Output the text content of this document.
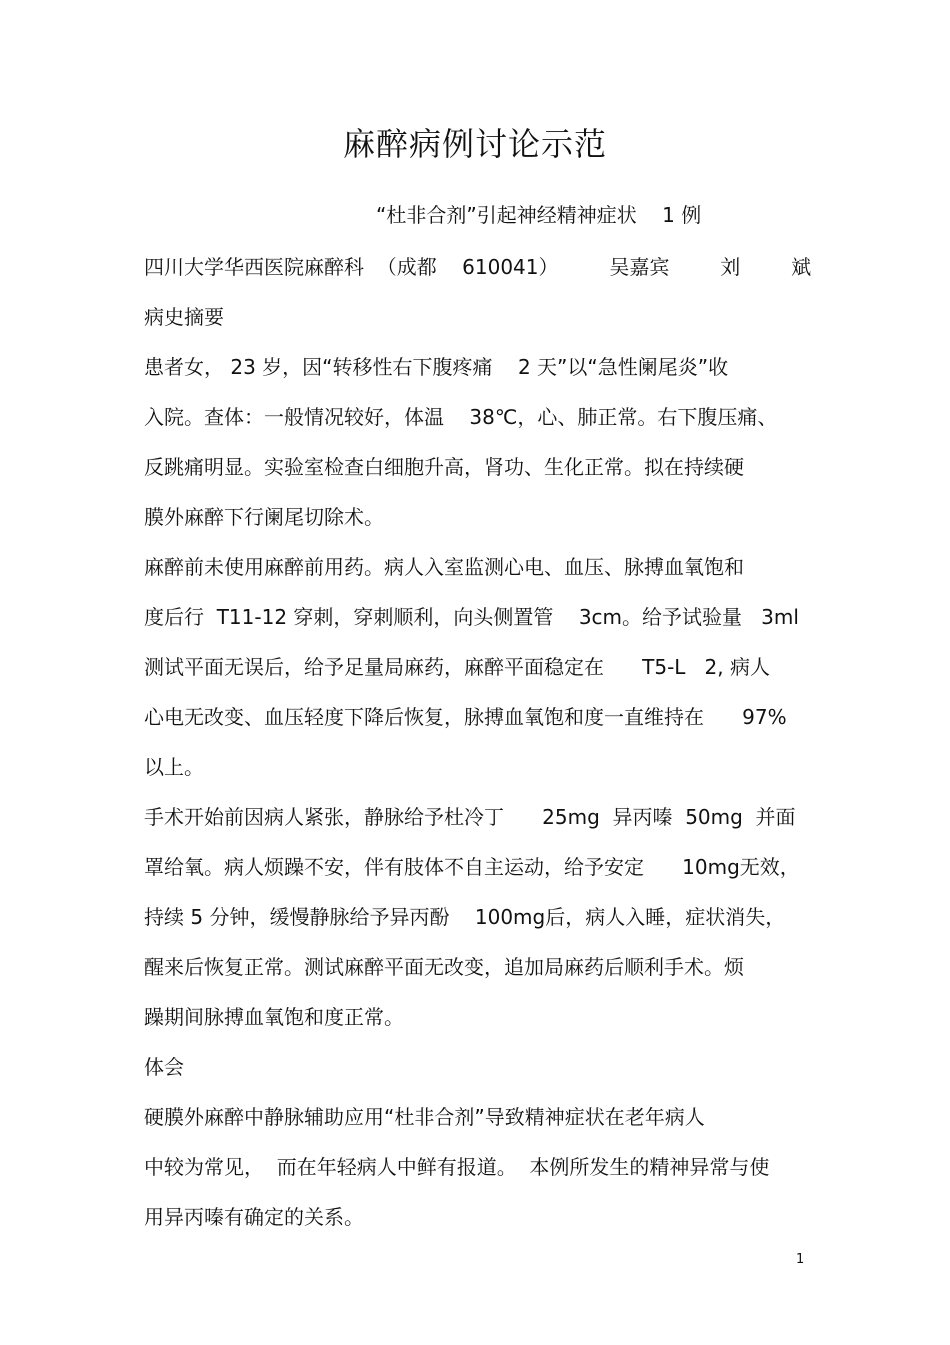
麻醉病例讨论示范
“杜非合剂”引起神经精神症状    1 例
四川大学华西医院麻醉科  （成都    610041）        吴嘉宾        刘        斌
病史摘要
患者女， 23 岁，因“转移性右下腹疼痛    2 天”以“急性阑尾炎”收
入院。查体：一般情况较好，体温    38℃，心、肺正常。右下腹压痛、
反跳痛明显。实验室检查白细胞升高，肾功、生化正常。拟在持续硬
膜外麻醉下行阑尾切除术。
麻醉前未使用麻醉前用药。病人入室监测心电、血压、脉搏血氧饱和
度后行  T11-12 穿刺，穿刺顺利，向头侧置管    3cm。给予试验量   3ml
测试平面无误后，给予足量局麻药，麻醉平面稳定在      T5-L   2, 病人
心电无改变、血压轻度下降后恢复，脉搏血氧饱和度一直维持在      97%
以上。
手术开始前因病人紧张，静脉给予杜冷丁      25mg  异丙嗪  50mg  并面
罩给氧。病人烦躁不安，伴有肢体不自主运动，给予安定      10mg无效，
持续 5 分钟，缓慢静脉给予异丙酚    100mg后，病人入睡，症状消失，
醒来后恢复正常。测试麻醉平面无改变，追加局麻药后顺利手术。烦
躁期间脉搏血氧饱和度正常。
体会
硬膜外麻醉中静脉辅助应用“杜非合剂”导致精神症状在老年病人
中较为常见，  而在年轻病人中鲜有报道。  本例所发生的精神异常与使
用异丙嗪有确定的关系。
1
